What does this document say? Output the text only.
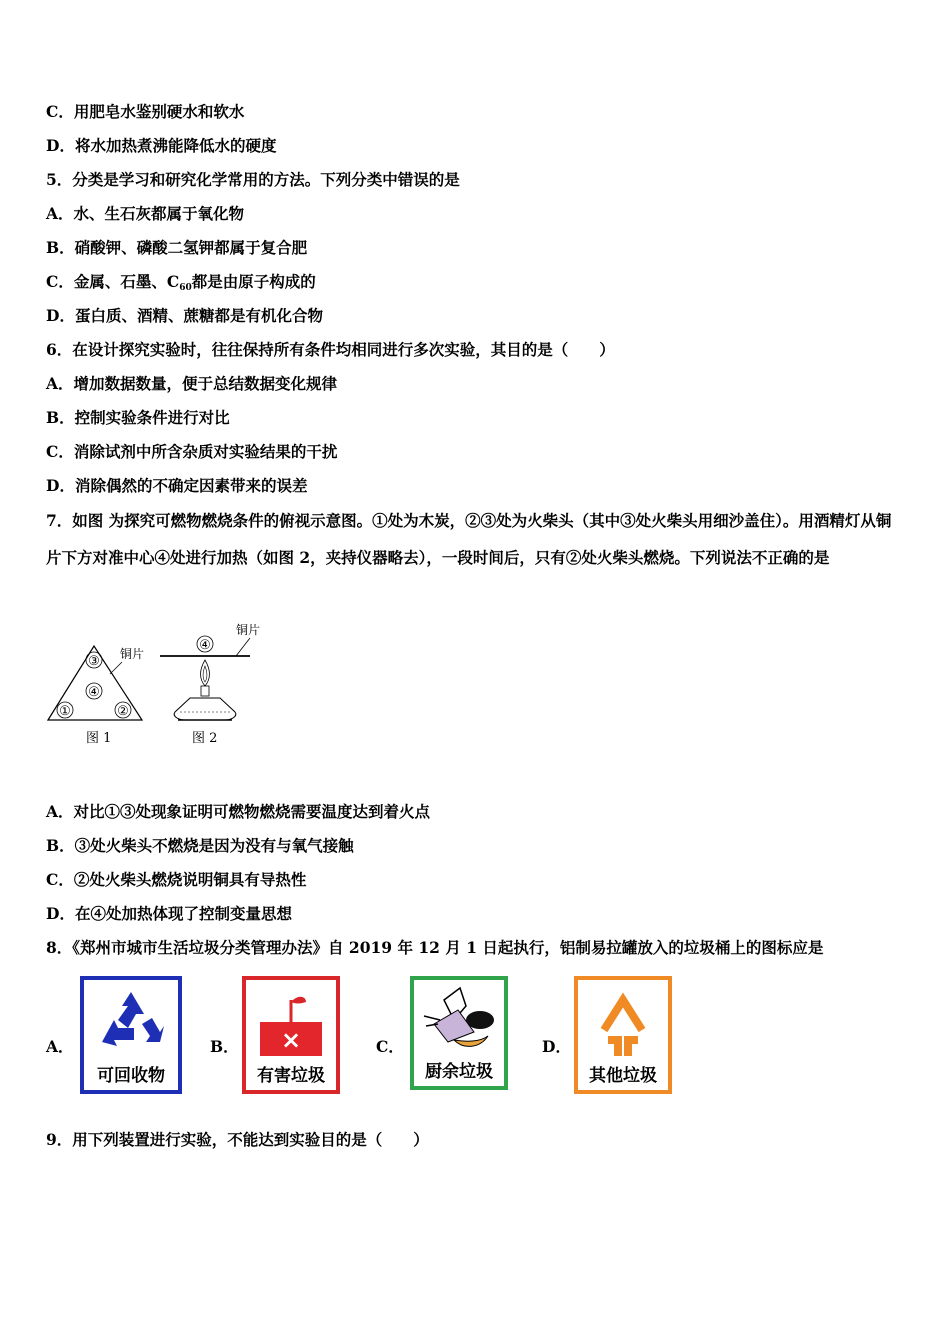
C．用肥皂水鉴别硬水和软水
D．将水加热煮沸能降低水的硬度
5．分类是学习和研究化学常用的方法。下列分类中错误的是
A．水、生石灰都属于氧化物
B．硝酸钾、磷酸二氢钾都属于复合肥
C．金属、石墨、$C_{60}$都是由原子构成的
D．蛋白质、酒精、蔗糖都是有机化合物
6．在设计探究实验时，往往保持所有条件均相同进行多次实验，其目的是（　　）
A．增加数据数量，便于总结数据变化规律
B．控制实验条件进行对比
C．消除试剂中所含杂质对实验结果的干扰
D．消除偶然的不确定因素带来的误差
7．如图 为探究可燃物燃烧条件的俯视示意图。①处为木炭，②③处为火柴头（其中③处火柴头用细沙盖住）。用酒精灯从铜片下方对准中心④处进行加热（如图 2，夹持仪器略去），一段时间后，只有②处火柴头燃烧。下列说法不正确的是
③
④
①	②
铜片
图 1
铜片
④
图 2
A．对比①③处现象证明可燃物燃烧需要温度达到着火点
B．③处火柴头不燃烧是因为没有与氧气接触
C．②处火柴头燃烧说明铜具有导热性
D．在④处加热体现了控制变量思想
8．《郑州市城市生活垃圾分类管理办法》自 2019 年 12 月 1 日起执行，铝制易拉罐放入的垃圾桶上的图标应是
A．
可回收物
B． ×
有害垃圾
C．
厨余垃圾
D．
其他垃圾
9．用下列装置进行实验，不能达到实验目的是（　　）
